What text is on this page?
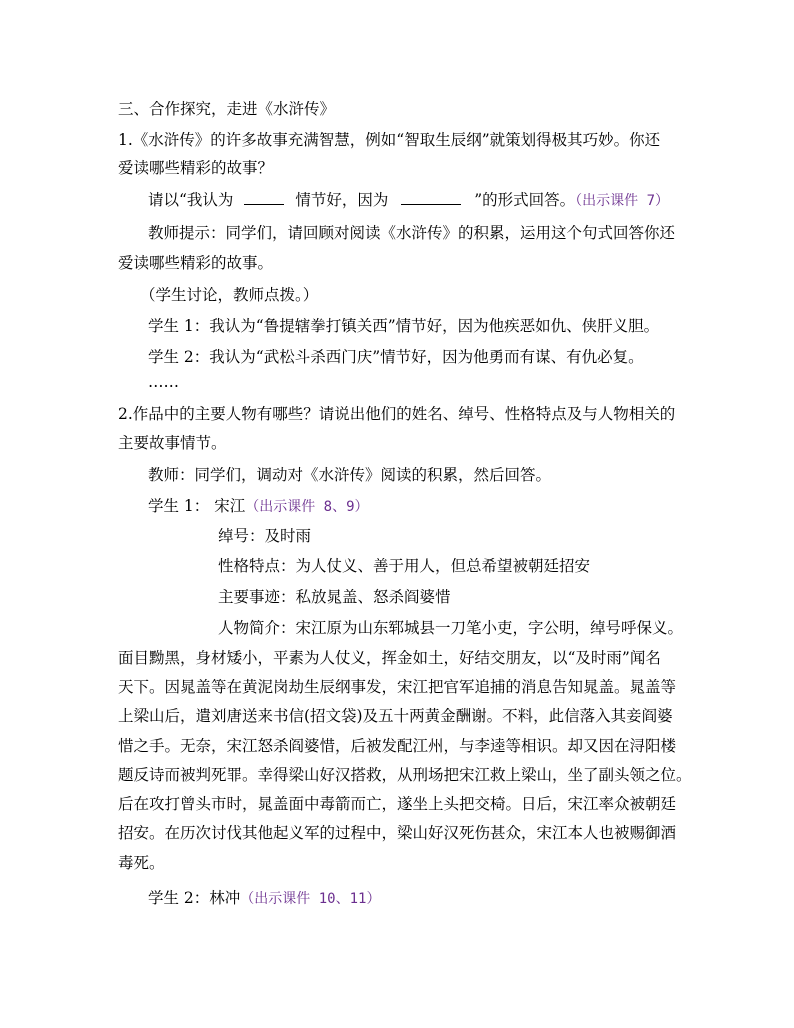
三、合作探究，走进《水浒传》
1.《水浒传》的许多故事充满智慧，例如“智取生辰纲”就策划得极其巧妙。你还
爱读哪些精彩的故事？
请以“我认为	情节好，因为	”的形式回答。（出示课件 7）
教师提示：同学们，请回顾对阅读《水浒传》的积累，运用这个句式回答你还
爱读哪些精彩的故事。
（学生讨论，教师点拨。）
学生 1：我认为“鲁提辖拳打镇关西”情节好，因为他疾恶如仇、侠肝义胆。
学生 2：我认为“武松斗杀西门庆”情节好，因为他勇而有谋、有仇必复。
……
2.作品中的主要人物有哪些？请说出他们的姓名、绰号、性格特点及与人物相关的
主要故事情节。
教师：同学们，调动对《水浒传》阅读的积累，然后回答。
学生 1： 宋江（出示课件 8、9）
绰号：及时雨
性格特点：为人仗义、善于用人，但总希望被朝廷招安
主要事迹：私放晁盖、怒杀阎婆惜
人物简介：宋江原为山东郓城县一刀笔小吏，字公明，绰号呼保义。
面目黝黑，身材矮小，平素为人仗义，挥金如土，好结交朋友，以“及时雨”闻名
天下。因晁盖等在黄泥岗劫生辰纲事发，宋江把官军追捕的消息告知晁盖。晁盖等
上梁山后，遣刘唐送来书信(招文袋)及五十两黄金酬谢。不料，此信落入其妾阎婆
惜之手。无奈，宋江怒杀阎婆惜，后被发配江州，与李逵等相识。却又因在浔阳楼
题反诗而被判死罪。幸得梁山好汉搭救，从刑场把宋江救上梁山，坐了副头领之位。
后在攻打曾头市时，晁盖面中毒箭而亡，遂坐上头把交椅。日后，宋江率众被朝廷
招安。在历次讨伐其他起义军的过程中，梁山好汉死伤甚众，宋江本人也被赐御酒
毒死。
学生 2：林冲（出示课件 10、11）
